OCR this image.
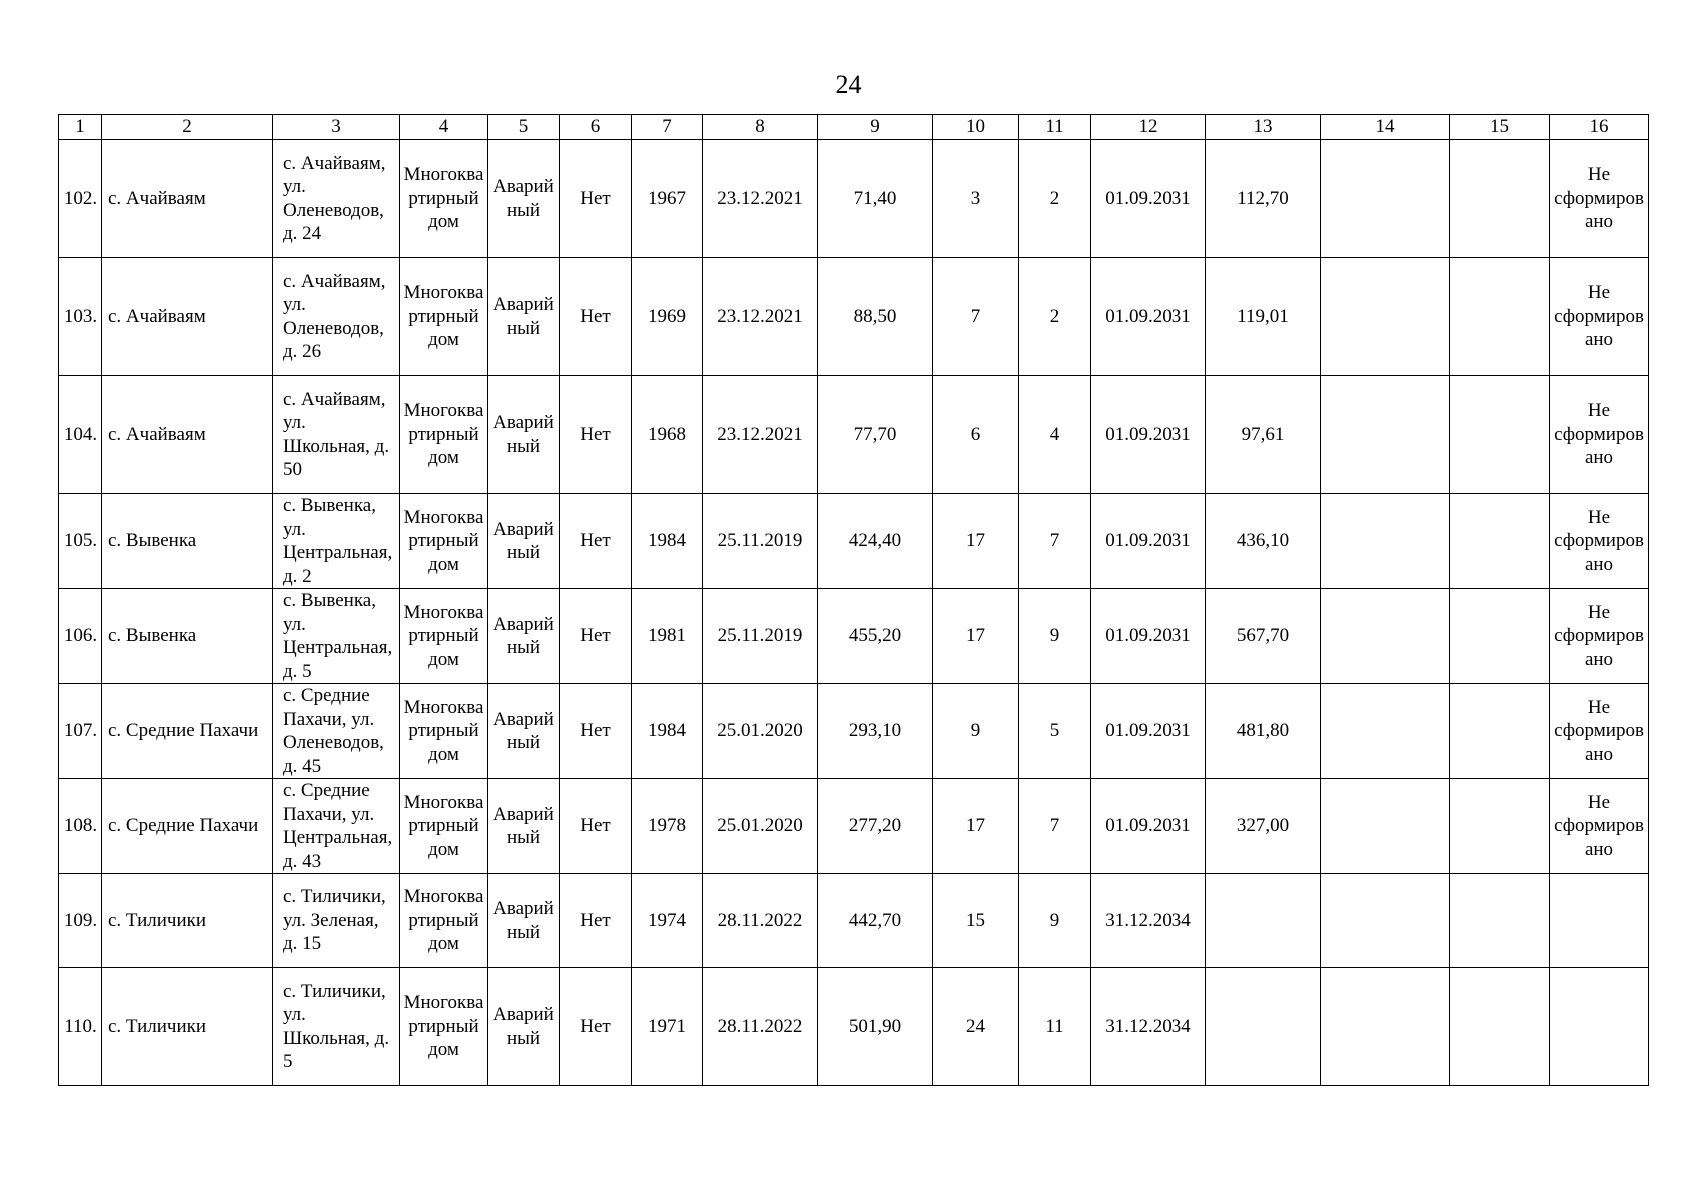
24
1	2	3	4	5	6	7	8	9	10	11	12	13	14	15	16
102.	с. Ачайваям	с. Ачайваям, ул. Оленеводов, д. 24	Многоквартирный дом	Аварийный	Нет	1967	23.12.2021	71,40	3	2	01.09.2031	112,70			Не сформировано
103.	с. Ачайваям	с. Ачайваям, ул. Оленеводов, д. 26	Многоквартирный дом	Аварийный	Нет	1969	23.12.2021	88,50	7	2	01.09.2031	119,01			Не сформировано
104.	с. Ачайваям	с. Ачайваям, ул. Школьная, д. 50	Многоквартирный дом	Аварийный	Нет	1968	23.12.2021	77,70	6	4	01.09.2031	97,61			Не сформировано
105.	с. Вывенка	с. Вывенка, ул. Центральная, д. 2	Многоквартирный дом	Аварийный	Нет	1984	25.11.2019	424,40	17	7	01.09.2031	436,10			Не сформировано
106.	с. Вывенка	с. Вывенка, ул. Центральная, д. 5	Многоквартирный дом	Аварийный	Нет	1981	25.11.2019	455,20	17	9	01.09.2031	567,70			Не сформировано
107.	с. Средние Пахачи	с. Средние Пахачи, ул. Оленеводов, д. 45	Многоквартирный дом	Аварийный	Нет	1984	25.01.2020	293,10	9	5	01.09.2031	481,80			Не сформировано
108.	с. Средние Пахачи	с. Средние Пахачи, ул. Центральная, д. 43	Многоквартирный дом	Аварийный	Нет	1978	25.01.2020	277,20	17	7	01.09.2031	327,00			Не сформировано
109.	с. Тиличики	с. Тиличики, ул. Зеленая, д. 15	Многоквартирный дом	Аварийный	Нет	1974	28.11.2022	442,70	15	9	31.12.2034				
110.	с. Тиличики	с. Тиличики, ул. Школьная, д. 5	Многоквартирный дом	Аварийный	Нет	1971	28.11.2022	501,90	24	11	31.12.2034				
